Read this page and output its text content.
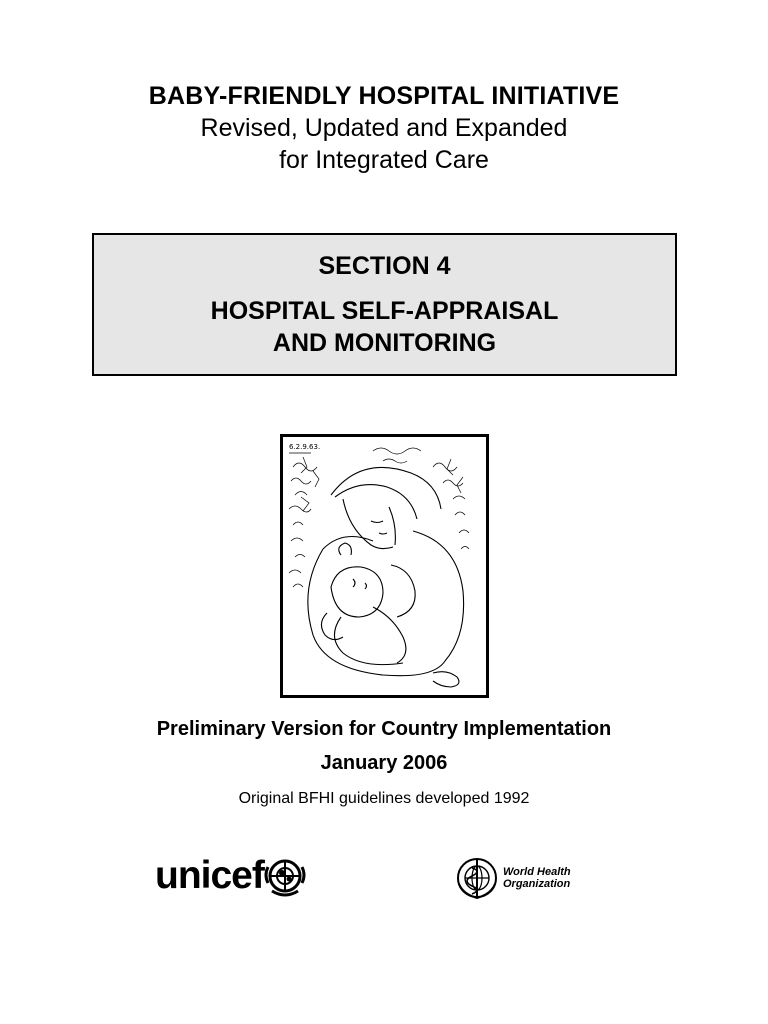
BABY-FRIENDLY HOSPITAL INITIATIVE
Revised, Updated and Expanded
for Integrated Care
SECTION 4
HOSPITAL SELF-APPRAISAL
AND MONITORING
6.2.9.63.
Preliminary Version for Country Implementation
January 2006
Original BFHI guidelines developed 1992
unicef	World Health
Organization
